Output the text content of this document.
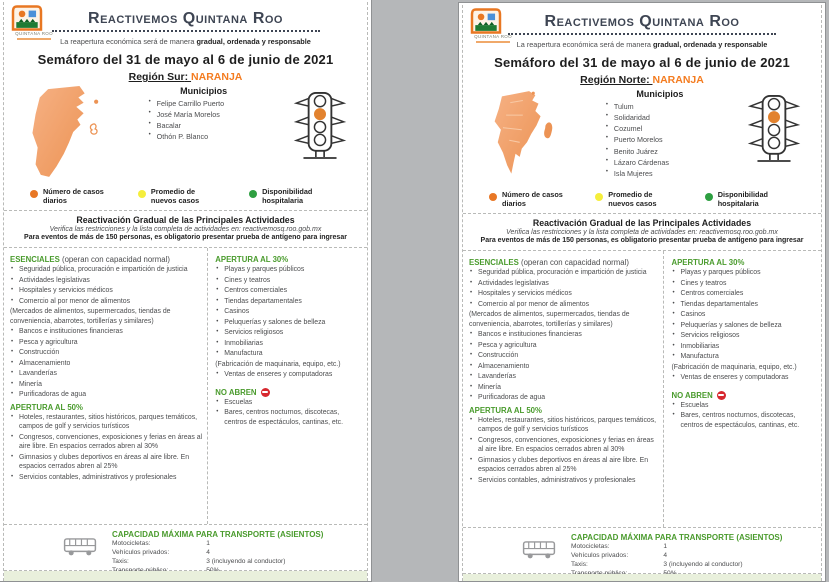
QUINTANA ROO
Reactivemos Quintana Roo
La reapertura económica será de manera gradual, ordenada y responsable
Semáforo del 31 de mayo al 6 de junio de 2021
Región Sur: NARANJA
Municipios
• Felipe Carrillo Puerto
• José María Morelos
• Bacalar
• Othón P. Blanco
Número de casos diarios
Promedio de nuevos casos
Disponibilidad hospitalaria
Reactivación Gradual de las Principales Actividades
Verifica las restricciones y la lista completa de actividades en: reactivemosq.roo.gob.mx
Para eventos de más de 150 personas, es obligatorio presentar prueba de antígeno para ingresar
ESENCIALES (operan con capacidad normal)
• Seguridad pública, procuración e impartición de justicia
• Actividades legislativas
• Hospitales y servicios médicos
• Comercio al por menor de alimentos
(Mercados de alimentos, supermercados, tiendas de conveniencia, abarrotes, tortillerías y similares)
• Bancos e instituciones financieras
• Pesca y agricultura
• Construcción
• Almacenamiento
• Lavanderías
• Minería
• Purificadoras de agua
APERTURA AL 50%
• Hoteles, restaurantes, sitios históricos, parques temáticos, campos de golf y servicios turísticos
• Congresos, convenciones, exposiciones y ferias en áreas al aire libre. En espacios cerrados abren al 30%
• Gimnasios y clubes deportivos en áreas al aire libre. En espacios cerrados abren al 25%
• Servicios contables, administrativos y profesionales
APERTURA AL 30%
• Playas y parques públicos
• Cines y teatros
• Centros comerciales
• Tiendas departamentales
• Casinos
• Peluquerías y salones de belleza
• Servicios religiosos
• Inmobiliarias
• Manufactura
(Fabricación de maquinaria, equipo, etc.)
• Ventas de enseres y computadoras
NO ABREN
• Escuelas
• Bares, centros nocturnos, discotecas, centros de espectáculos, cantinas, etc.
CAPACIDAD MÁXIMA PARA TRANSPORTE (ASIENTOS)
Motocicletas:	1
Vehículos privados:	4
Taxis:	3 (incluyendo al conductor)
QUINTANA ROO
Reactivemos Quintana Roo
La reapertura económica será de manera gradual, ordenada y responsable
Semáforo del 31 de mayo al 6 de junio de 2021
Región Norte: NARANJA
Municipios
• Tulum
• Solidaridad
• Cozumel
• Puerto Morelos
• Benito Juárez
• Lázaro Cárdenas
• Isla Mujeres
Número de casos diarios
Promedio de nuevos casos
Disponibilidad hospitalaria
Reactivación Gradual de las Principales Actividades
Verifica las restricciones y la lista completa de actividades en: reactivemosq.roo.gob.mx
Para eventos de más de 150 personas, es obligatorio presentar prueba de antígeno para ingresar
ESENCIALES (operan con capacidad normal)
• Seguridad pública, procuración e impartición de justicia
• Actividades legislativas
• Hospitales y servicios médicos
• Comercio al por menor de alimentos
(Mercados de alimentos, supermercados, tiendas de conveniencia, abarrotes, tortillerías y similares)
• Bancos e instituciones financieras
• Pesca y agricultura
• Construcción
• Almacenamiento
• Lavanderías
• Minería
• Purificadoras de agua
APERTURA AL 50%
• Hoteles, restaurantes, sitios históricos, parques temáticos, campos de golf y servicios turísticos
• Congresos, convenciones, exposiciones y ferias en áreas al aire libre. En espacios cerrados abren al 30%
• Gimnasios y clubes deportivos en áreas al aire libre. En espacios cerrados abren al 25%
• Servicios contables, administrativos y profesionales
APERTURA AL 30%
• Playas y parques públicos
• Cines y teatros
• Centros comerciales
• Tiendas departamentales
• Casinos
• Peluquerías y salones de belleza
• Servicios religiosos
• Inmobiliarias
• Manufactura
(Fabricación de maquinaria, equipo, etc.)
• Ventas de enseres y computadoras
NO ABREN
• Escuelas
• Bares, centros nocturnos, discotecas, centros de espectáculos, cantinas, etc.
CAPACIDAD MÁXIMA PARA TRANSPORTE (ASIENTOS)
Motocicletas:	1
Vehículos privados:	4
Taxis:	3 (incluyendo al conductor)
